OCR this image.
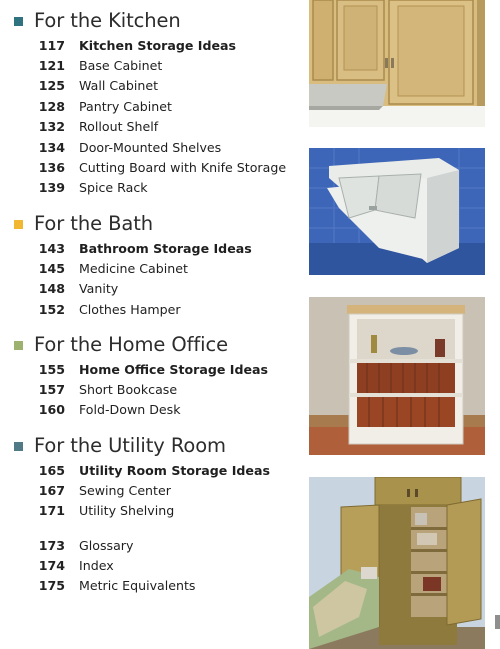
For the Kitchen
117	Kitchen Storage Ideas
121	Base Cabinet
125	Wall Cabinet
128	Pantry Cabinet
132	Rollout Shelf
134	Door-Mounted Shelves
136	Cutting Board with Knife Storage
139	Spice Rack
For the Bath
143	Bathroom Storage Ideas
145	Medicine Cabinet
148	Vanity
152	Clothes Hamper
For the Home Office
155	Home Office Storage Ideas
157	Short Bookcase
160	Fold-Down Desk
For the Utility Room
165	Utility Room Storage Ideas
167	Sewing Center
171	Utility Shelving
173	Glossary
174	Index
175	Metric Equivalents
